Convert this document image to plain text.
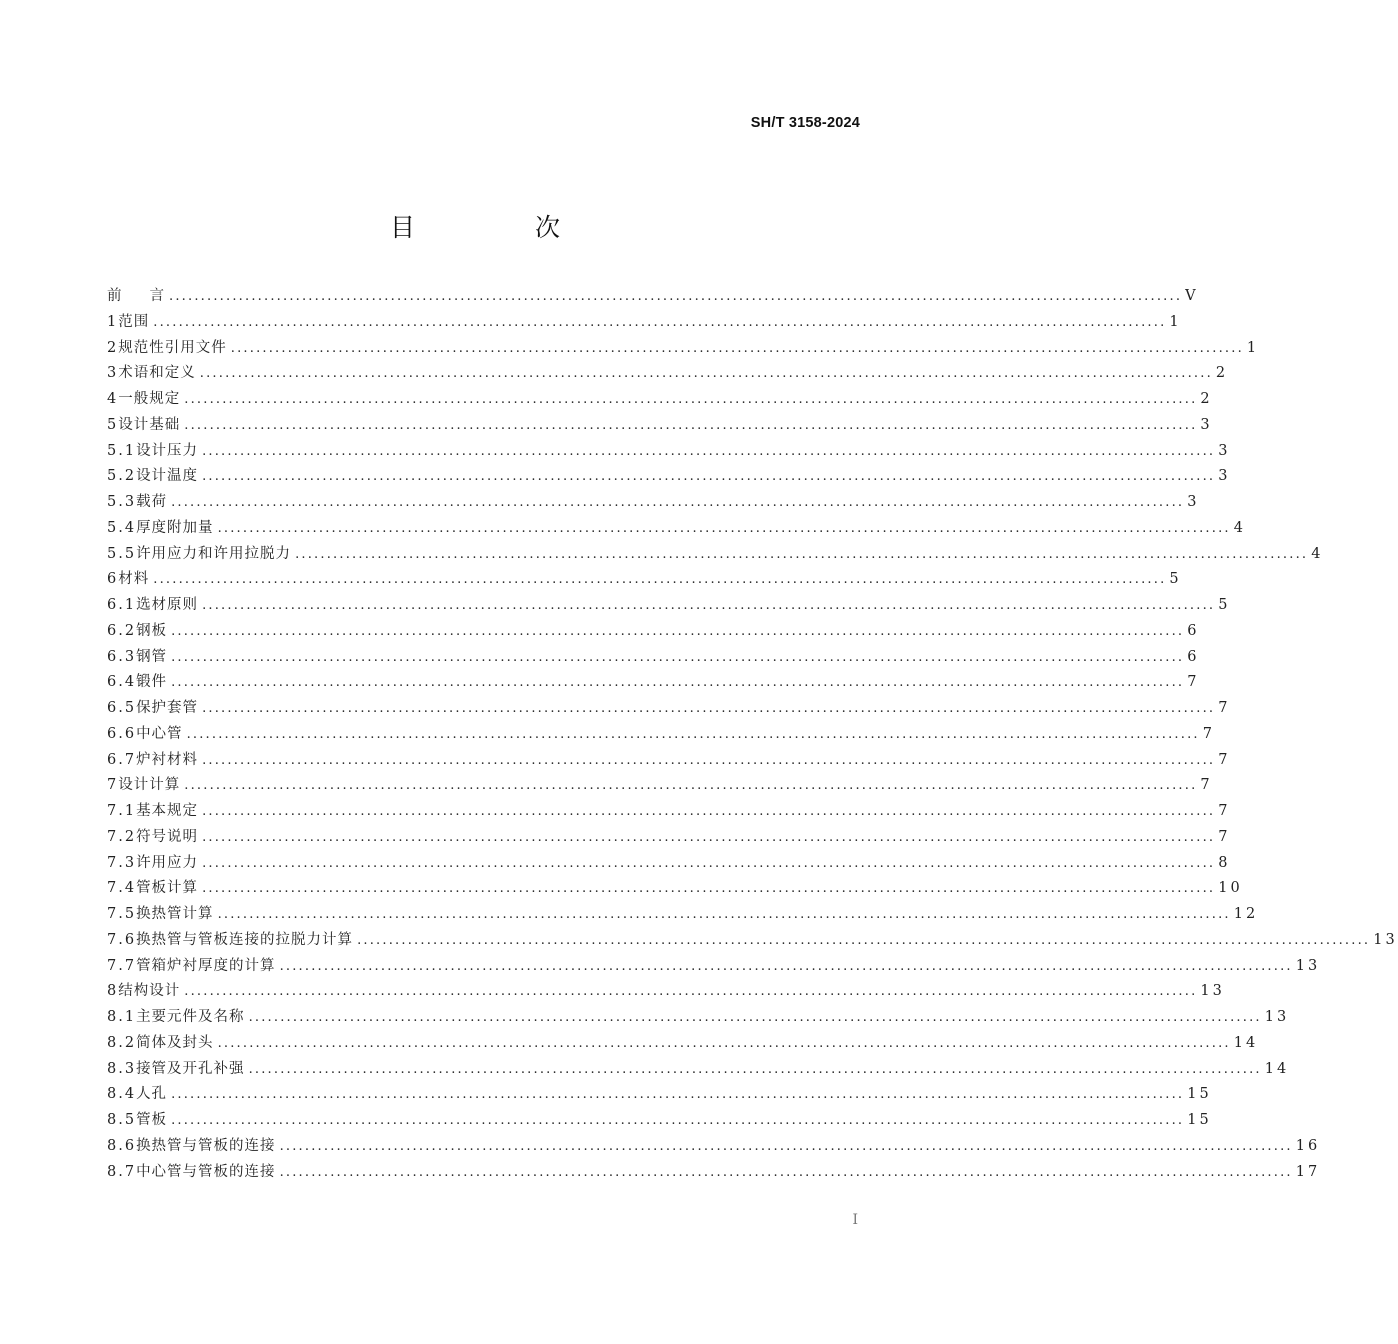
SH/T 3158-2024
目 次
前 言 ................................................................................................................................................................ V
1 范围 ................................................................................................................................................................ 1
2 规范性引用文件 ................................................................................................................................................................ 1
3 术语和定义 ................................................................................................................................................................ 2
4 一般规定 ................................................................................................................................................................ 2
5 设计基础 ................................................................................................................................................................ 3
5.1 设计压力 ................................................................................................................................................................ 3
5.2 设计温度 ................................................................................................................................................................ 3
5.3 载荷 ................................................................................................................................................................ 3
5.4 厚度附加量 ................................................................................................................................................................ 4
5.5 许用应力和许用拉脱力 ................................................................................................................................................................ 4
6 材料 ................................................................................................................................................................ 5
6.1 选材原则 ................................................................................................................................................................ 5
6.2 钢板 ................................................................................................................................................................ 6
6.3 钢管 ................................................................................................................................................................ 6
6.4 锻件 ................................................................................................................................................................ 7
6.5 保护套管 ................................................................................................................................................................ 7
6.6 中心管 ................................................................................................................................................................ 7
6.7 炉衬材料 ................................................................................................................................................................ 7
7 设计计算 ................................................................................................................................................................ 7
7.1 基本规定 ................................................................................................................................................................ 7
7.2 符号说明 ................................................................................................................................................................ 7
7.3 许用应力 ................................................................................................................................................................ 8
7.4 管板计算 ................................................................................................................................................................ 10
7.5 换热管计算 ................................................................................................................................................................ 12
7.6 换热管与管板连接的拉脱力计算 ................................................................................................................................................................ 13
7.7 管箱炉衬厚度的计算 ................................................................................................................................................................ 13
8 结构设计 ................................................................................................................................................................ 13
8.1 主要元件及名称 ................................................................................................................................................................ 13
8.2 简体及封头 ................................................................................................................................................................ 14
8.3 接管及开孔补强 ................................................................................................................................................................ 14
8.4 人孔 ................................................................................................................................................................ 15
8.5 管板 ................................................................................................................................................................ 15
8.6 换热管与管板的连接 ................................................................................................................................................................ 16
8.7 中心管与管板的连接 ................................................................................................................................................................ 17
I
